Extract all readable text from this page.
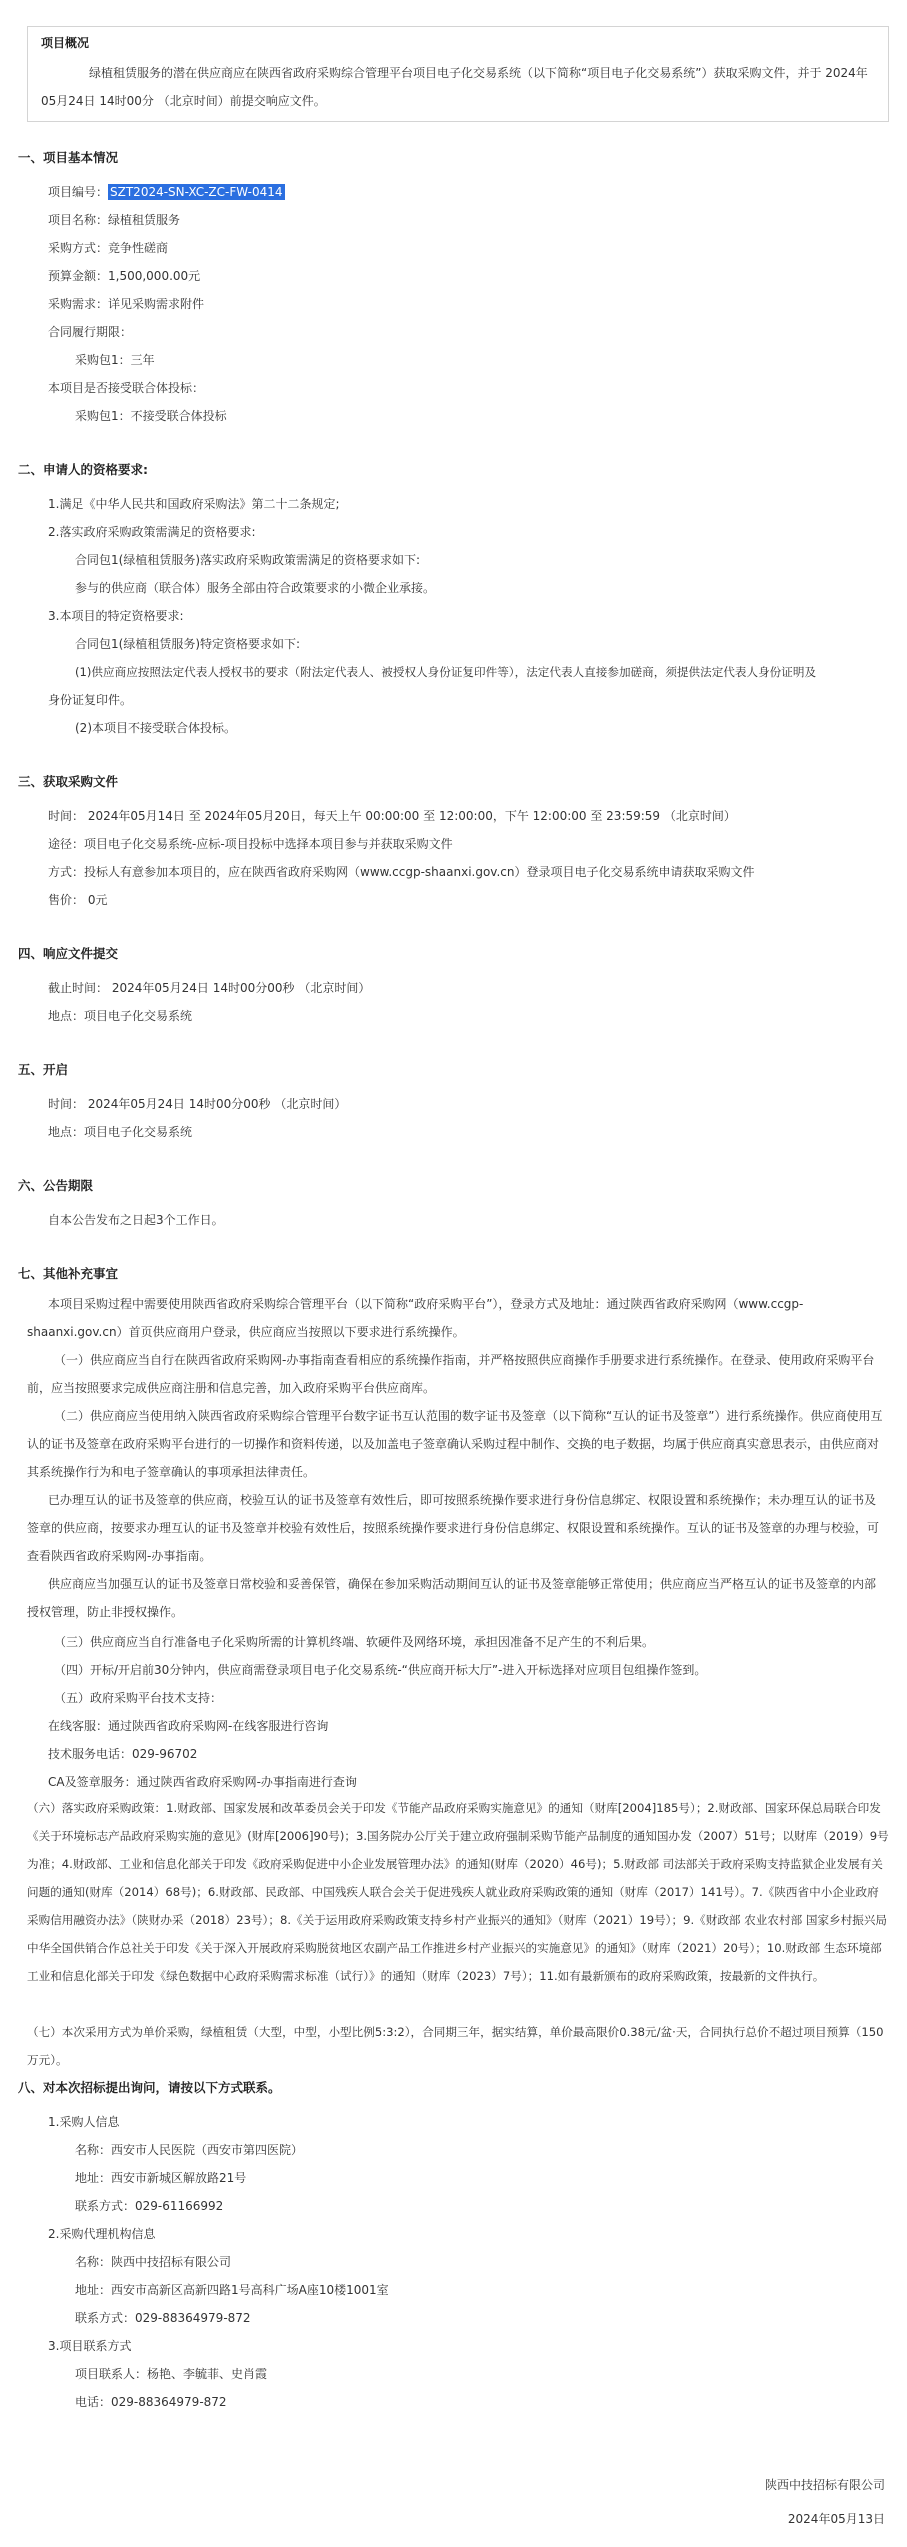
项目概况

绿植租赁服务的潜在供应商应在陕西省政府采购综合管理平台项目电子化交易系统（以下简称“项目电子化交易系统”）获取采购文件，并于 2024年05月24日 14时00分 （北京时间）前提交响应文件。

一、项目基本情况
项目编号： SZT2024-SN-XC-ZC-FW-0414
项目名称：绿植租赁服务
采购方式：竞争性磋商
预算金额：1,500,000.00元
采购需求：详见采购需求附件
合同履行期限：
采购包1：三年
本项目是否接受联合体投标：
采购包1：不接受联合体投标
二、申请人的资格要求:
1.满足《中华人民共和国政府采购法》第二十二条规定;
2.落实政府采购政策需满足的资格要求:
合同包1(绿植租赁服务)落实政府采购政策需满足的资格要求如下:
参与的供应商（联合体）服务全部由符合政策要求的小微企业承接。
3.本项目的特定资格要求:
合同包1(绿植租赁服务)特定资格要求如下:
(1)供应商应按照法定代表人授权书的要求（附法定代表人、被授权人身份证复印件等），法定代表人直接参加磋商，须提供法定代表人身份证明及
身份证复印件。
(2)本项目不接受联合体投标。
三、获取采购文件
时间： 2024年05月14日 至 2024年05月20日，每天上午 00:00:00 至 12:00:00，下午 12:00:00 至 23:59:59 （北京时间）
途径：项目电子化交易系统-应标-项目投标中选择本项目参与并获取采购文件
方式：投标人有意参加本项目的，应在陕西省政府采购网（www.ccgp-shaanxi.gov.cn）登录项目电子化交易系统申请获取采购文件
售价： 0元
四、响应文件提交
截止时间： 2024年05月24日 14时00分00秒 （北京时间）
地点：项目电子化交易系统
五、开启
时间： 2024年05月24日 14时00分00秒 （北京时间）
地点：项目电子化交易系统
六、公告期限
自本公告发布之日起3个工作日。
七、其他补充事宜

本项目采购过程中需要使用陕西省政府采购综合管理平台（以下简称“政府采购平台”），登录方式及地址：通过陕西省政府采购网（www.ccgp-shaanxi.gov.cn）首页供应商用户登录，供应商应当按照以下要求进行系统操作。

（一）供应商应当自行在陕西省政府采购网-办事指南查看相应的系统操作指南，并严格按照供应商操作手册要求进行系统操作。在登录、使用政府采购平台前，应当按照要求完成供应商注册和信息完善，加入政府采购平台供应商库。

（二）供应商应当使用纳入陕西省政府采购综合管理平台数字证书互认范围的数字证书及签章（以下简称“互认的证书及签章”）进行系统操作。供应商使用互认的证书及签章在政府采购平台进行的一切操作和资料传递，以及加盖电子签章确认采购过程中制作、交换的电子数据，均属于供应商真实意思表示，由供应商对其系统操作行为和电子签章确认的事项承担法律责任。

已办理互认的证书及签章的供应商，校验互认的证书及签章有效性后，即可按照系统操作要求进行身份信息绑定、权限设置和系统操作；未办理互认的证书及签章的供应商，按要求办理互认的证书及签章并校验有效性后，按照系统操作要求进行身份信息绑定、权限设置和系统操作。互认的证书及签章的办理与校验，可查看陕西省政府采购网-办事指南。

供应商应当加强互认的证书及签章日常校验和妥善保管，确保在参加采购活动期间互认的证书及签章能够正常使用；供应商应当严格互认的证书及签章的内部授权管理，防止非授权操作。

（三）供应商应当自行准备电子化采购所需的计算机终端、软硬件及网络环境，承担因准备不足产生的不利后果。
（四）开标/开启前30分钟内，供应商需登录项目电子化交易系统-“供应商开标大厅”-进入开标选择对应项目包组操作签到。
（五）政府采购平台技术支持：
在线客服：通过陕西省政府采购网-在线客服进行咨询
技术服务电话：029-96702
CA及签章服务：通过陕西省政府采购网-办事指南进行查询

（六）落实政府采购政策：1.财政部、国家发展和改革委员会关于印发《节能产品政府采购实施意见》的通知（财库[2004]185号）；2.财政部、国家环保总局联合印发《关于环境标志产品政府采购实施的意见》(财库[2006]90号)；3.国务院办公厅关于建立政府强制采购节能产品制度的通知国办发（2007）51号；以财库（2019）9号为准；4.财政部、工业和信息化部关于印发《政府采购促进中小企业发展管理办法》的通知(财库（2020）46号)；5.财政部 司法部关于政府采购支持监狱企业发展有关问题的通知(财库（2014）68号)；6.财政部、民政部、中国残疾人联合会关于促进残疾人就业政府采购政策的通知（财库（2017）141号）。7.《陕西省中小企业政府采购信用融资办法》（陕财办采（2018）23号）；8.《关于运用政府采购政策支持乡村产业振兴的通知》（财库（2021）19号）；9.《财政部 农业农村部 国家乡村振兴局 中华全国供销合作总社关于印发《关于深入开展政府采购脱贫地区农副产品工作推进乡村产业振兴的实施意见》的通知》（财库（2021）20号）；10.财政部 生态环境部 工业和信息化部关于印发《绿色数据中心政府采购需求标准（试行）》的通知（财库（2023）7号）；11.如有最新颁布的政府采购政策，按最新的文件执行。

（七）本次采用方式为单价采购，绿植租赁（大型，中型，小型比例5:3:2），合同期三年，据实结算，单价最高限价0.38元/盆·天，合同执行总价不超过项目预算（150万元）。

八、对本次招标提出询问，请按以下方式联系。
1.采购人信息
名称：西安市人民医院（西安市第四医院）
地址：西安市新城区解放路21号
联系方式：029-61166992
2.采购代理机构信息
名称：陕西中技招标有限公司
地址：西安市高新区高新四路1号高科广场A座10楼1001室
联系方式：029-88364979-872
3.项目联系方式
项目联系人：杨艳、李毓菲、史肖霞
电话：029-88364979-872
陕西中技招标有限公司
2024年05月13日
